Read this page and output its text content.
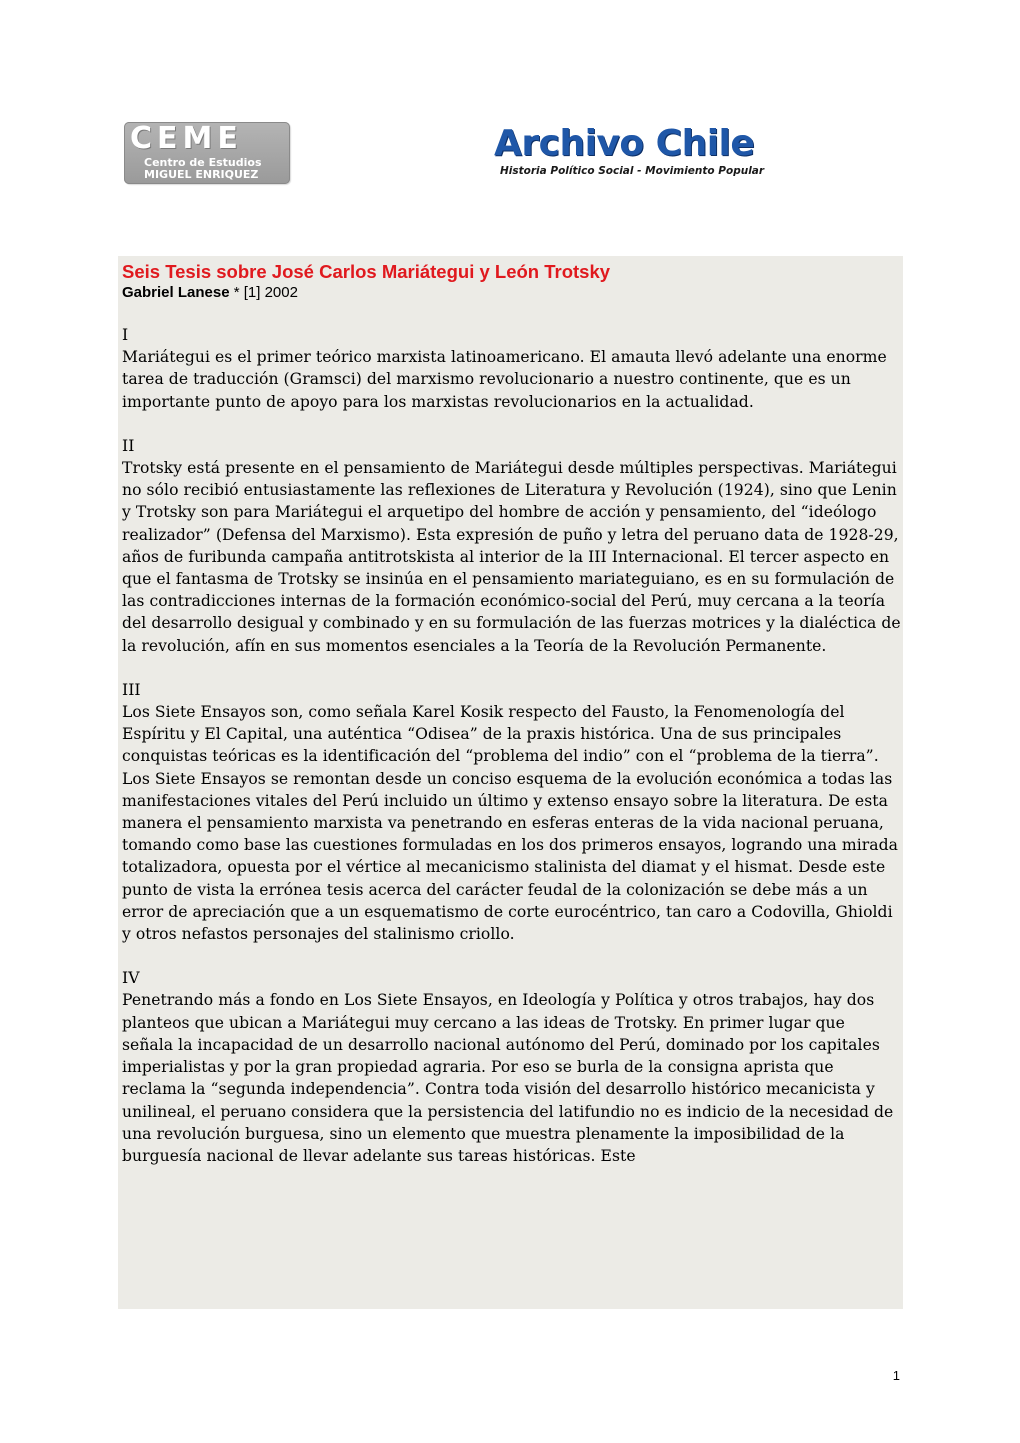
CEME
Centro de Estudios
MIGUEL ENRIQUEZ
Archivo Chile
Historia Político Social - Movimiento Popular
Seis Tesis sobre José Carlos Mariátegui y León Trotsky

Gabriel Lanese * [1] 2002

I

Mariátegui es el primer teórico marxista latinoamericano. El amauta llevó adelante una enorme tarea de traducción (Gramsci) del marxismo revolucionario a nuestro continente, que es un importante punto de apoyo para los marxistas revolucionarios en la actualidad.

II

Trotsky está presente en el pensamiento de Mariátegui desde múltiples perspectivas. Mariátegui no sólo recibió entusiastamente las reflexiones de Literatura y Revolución (1924), sino que Lenin y Trotsky son para Mariátegui el arquetipo del hombre de acción y pensamiento, del “ideólogo realizador” (Defensa del Marxismo). Esta expresión de puño y letra del peruano data de 1928-29, años de furibunda campaña antitrotskista al interior de la III Internacional. El tercer aspecto en que el fantasma de Trotsky se insinúa en el pensamiento mariateguiano, es en su formulación de las contradicciones internas de la formación económico-social del Perú, muy cercana a la teoría del desarrollo desigual y combinado y en su formulación de las fuerzas motrices y la dialéctica de la revolución, afín en sus momentos esenciales a la Teoría de la Revolución Permanente.

III

Los Siete Ensayos son, como señala Karel Kosik respecto del Fausto, la Fenomenología del Espíritu y El Capital, una auténtica “Odisea” de la praxis histórica. Una de sus principales conquistas teóricas es la identificación del “problema del indio” con el “problema de la tierra”. Los Siete Ensayos se remontan desde un conciso esquema de la evolución económica a todas las manifestaciones vitales del Perú incluido un último y extenso ensayo sobre la literatura. De esta manera el pensamiento marxista va penetrando en esferas enteras de la vida nacional peruana, tomando como base las cuestiones formuladas en los dos primeros ensayos, logrando una mirada totalizadora, opuesta por el vértice al mecanicismo stalinista del diamat y el hismat. Desde este punto de vista la errónea tesis acerca del carácter feudal de la colonización se debe más a un error de apreciación que a un esquematismo de corte eurocéntrico, tan caro a Codovilla, Ghioldi y otros nefastos personajes del stalinismo criollo.

IV

Penetrando más a fondo en Los Siete Ensayos, en Ideología y Política y otros trabajos, hay dos planteos que ubican a Mariátegui muy cercano a las ideas de Trotsky. En primer lugar que señala la incapacidad de un desarrollo nacional autónomo del Perú, dominado por los capitales imperialistas y por la gran propiedad agraria. Por eso se burla de la consigna aprista que reclama la “segunda independencia”. Contra toda visión del desarrollo histórico mecanicista y unilineal, el peruano considera que la persistencia del latifundio no es indicio de la necesidad de una revolución burguesa, sino un elemento que muestra plenamente la imposibilidad de la burguesía nacional de llevar adelante sus tareas históricas. Este

1
